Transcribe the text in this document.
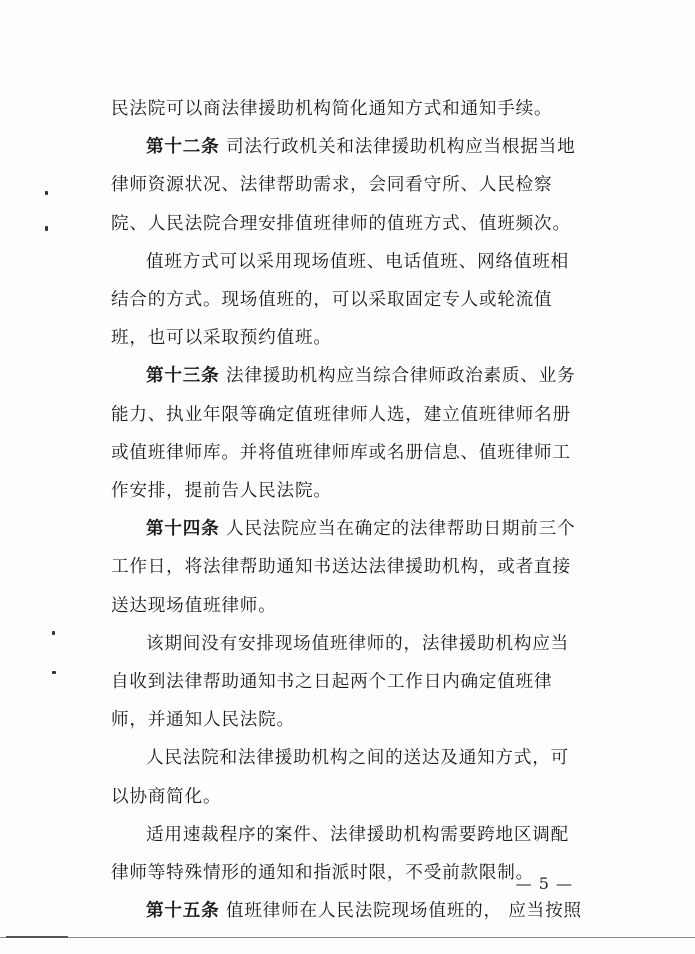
民法院可以商法律援助机构简化通知方式和通知手续。

第十二条 司法行政机关和法律援助机构应当根据当地律师资源状况、法律帮助需求，会同看守所、人民检察院、人民法院合理安排值班律师的值班方式、值班频次。

值班方式可以采用现场值班、电话值班、网络值班相结合的方式。现场值班的，可以采取固定专人或轮流值班，也可以采取预约值班。

第十三条 法律援助机构应当综合律师政治素质、业务能力、执业年限等确定值班律师人选，建立值班律师名册或值班律师库。并将值班律师库或名册信息、值班律师工作安排，提前告人民法院。

第十四条 人民法院应当在确定的法律帮助日期前三个工作日，将法律帮助通知书送达法律援助机构，或者直接送达现场值班律师。

该期间没有安排现场值班律师的，法律援助机构应当自收到法律帮助通知书之日起两个工作日内确定值班律师，并通知人民法院。

人民法院和法律援助机构之间的送达及通知方式，可以协商简化。

适用速裁程序的案件、法律援助机构需要跨地区调配律师等特殊情形的通知和指派时限，不受前款限制。

第十五条 值班律师在人民法院现场值班的， 应当按照

— 5 —
